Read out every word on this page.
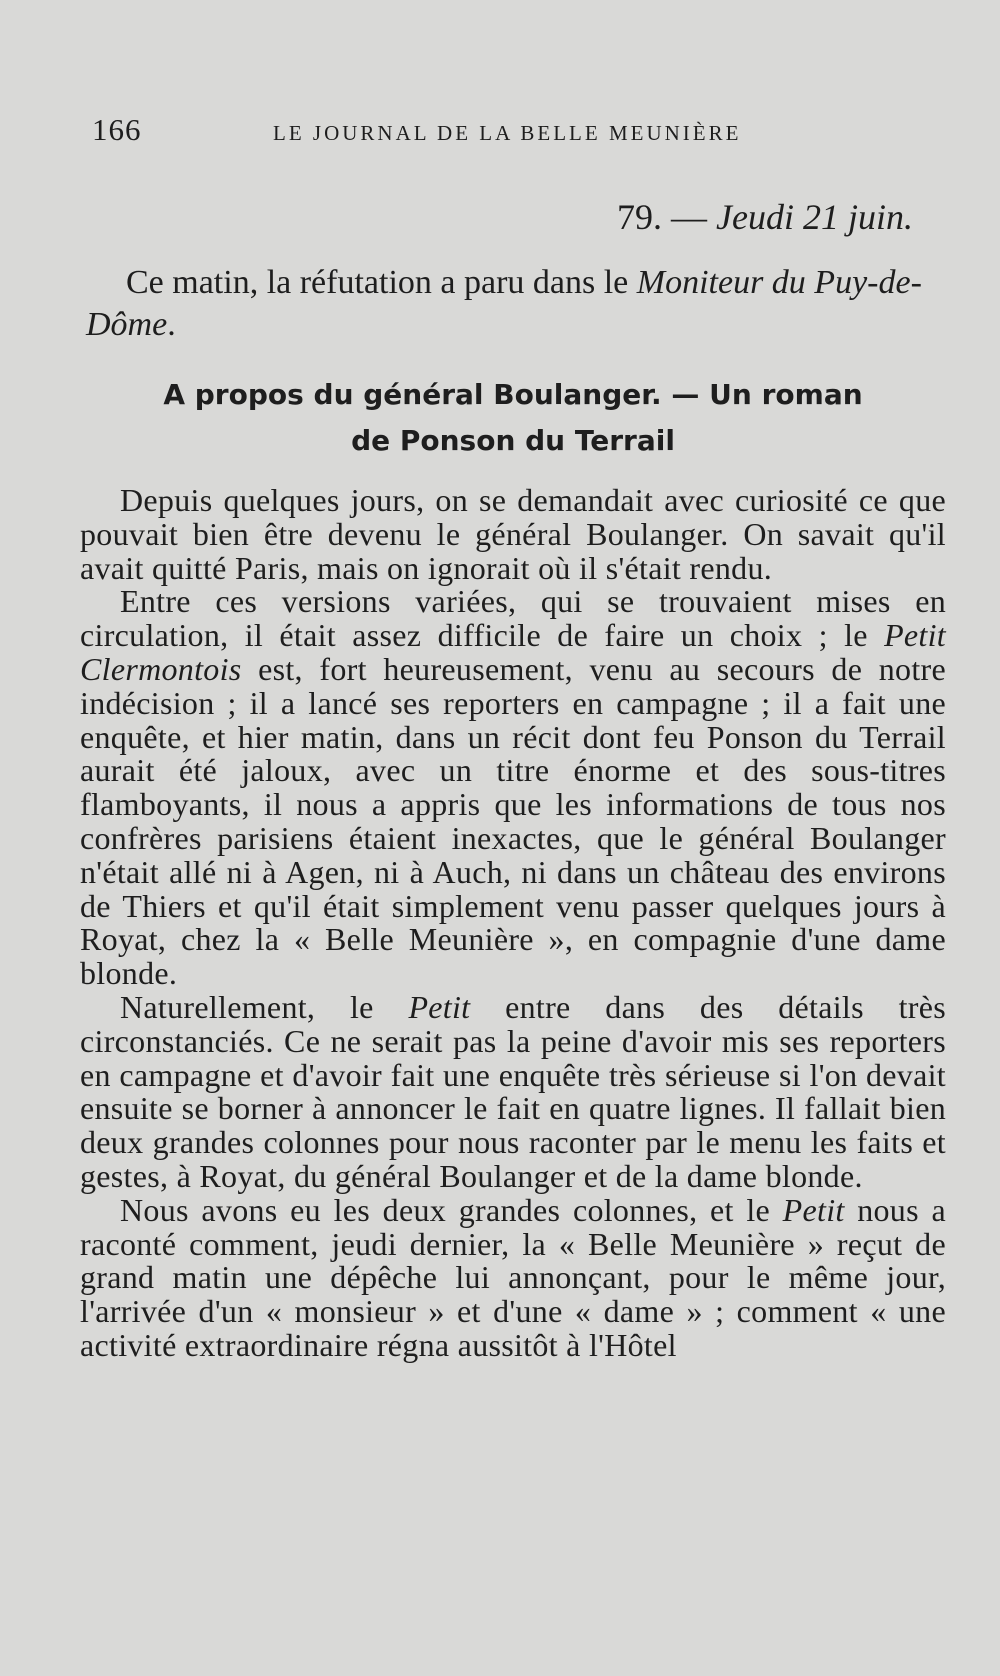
166	LE JOURNAL DE LA BELLE MEUNIÈRE
79. — Jeudi 21 juin.

Ce matin, la réfutation a paru dans le Moniteur du Puy-de-Dôme.

A propos du général Boulanger. — Un roman
de Ponson du Terrail

Depuis quelques jours, on se demandait avec curiosité ce que pouvait bien être devenu le général Boulanger. On savait qu'il avait quitté Paris, mais on ignorait où il s'était rendu.

Entre ces versions variées, qui se trouvaient mises en circulation, il était assez difficile de faire un choix ; le Petit Clermontois est, fort heureusement, venu au secours de notre indécision ; il a lancé ses reporters en campagne ; il a fait une enquête, et hier matin, dans un récit dont feu Ponson du Terrail aurait été jaloux, avec un titre énorme et des sous-titres flamboyants, il nous a appris que les informations de tous nos confrères parisiens étaient inexactes, que le général Boulanger n'était allé ni à Agen, ni à Auch, ni dans un château des environs de Thiers et qu'il était simplement venu passer quelques jours à Royat, chez la « Belle Meunière », en compagnie d'une dame blonde.

Naturellement, le Petit entre dans des détails très circonstanciés. Ce ne serait pas la peine d'avoir mis ses reporters en campagne et d'avoir fait une enquête très sérieuse si l'on devait ensuite se borner à annoncer le fait en quatre lignes. Il fallait bien deux grandes colonnes pour nous raconter par le menu les faits et gestes, à Royat, du général Boulanger et de la dame blonde.

Nous avons eu les deux grandes colonnes, et le Petit nous a raconté comment, jeudi dernier, la « Belle Meunière » reçut de grand matin une dépêche lui annonçant, pour le même jour, l'arrivée d'un « monsieur » et d'une « dame » ; comment « une activité extraordinaire régna aussitôt à l'Hôtel
